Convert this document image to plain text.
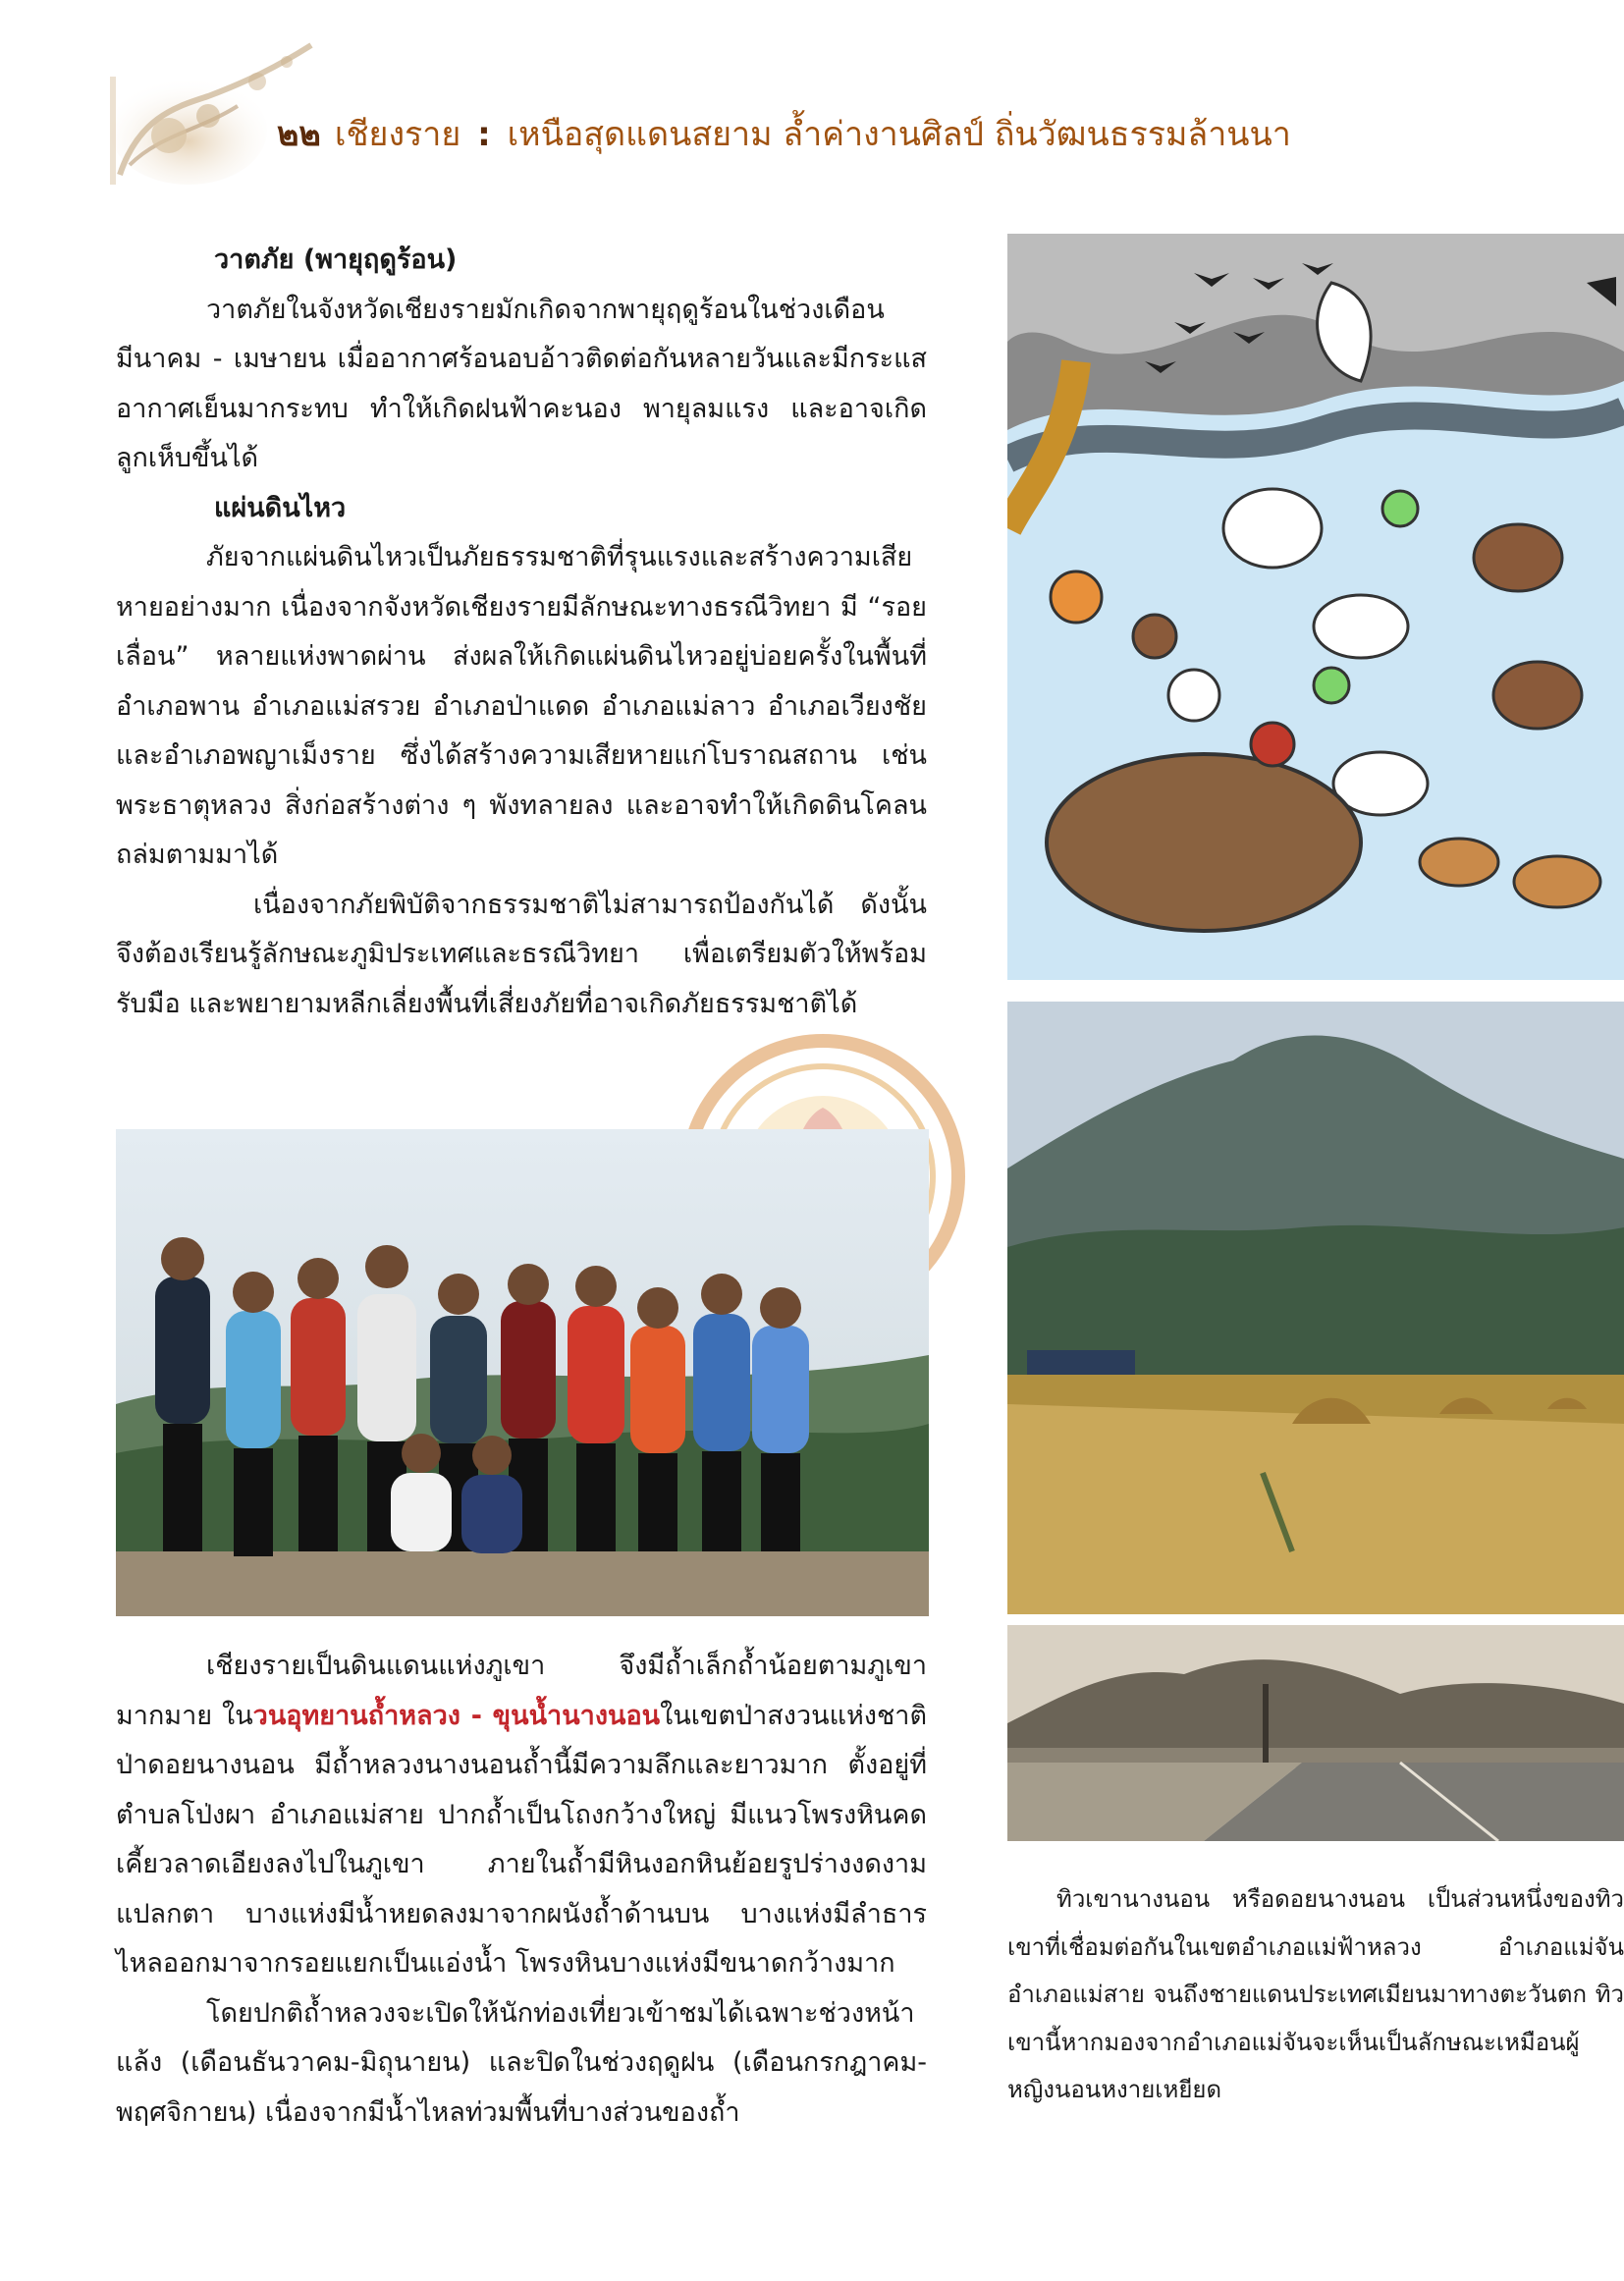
๒๒ เชียงราย : เหนือสุดแดนสยาม ล้ำค่างานศิลป์ ถิ่นวัฒนธรรมล้านนา

วาตภัย (พายุฤดูร้อน)

วาตภัยในจังหวัดเชียงรายมักเกิดจากพายุฤดูร้อนในช่วงเดือนมีนาคม - เมษายน เมื่ออากาศร้อนอบอ้าวติดต่อกันหลายวันและมีกระแสอากาศเย็นมากระทบ ทำให้เกิดฝนฟ้าคะนอง พายุลมแรง และอาจเกิดลูกเห็บขึ้นได้

แผ่นดินไหว

ภัยจากแผ่นดินไหวเป็นภัยธรรมชาติที่รุนแรงและสร้างความเสียหายอย่างมาก เนื่องจากจังหวัดเชียงรายมีลักษณะทางธรณีวิทยา มี “รอยเลื่อน” หลายแห่งพาดผ่าน ส่งผลให้เกิดแผ่นดินไหวอยู่บ่อยครั้งในพื้นที่อำเภอพาน อำเภอแม่สรวย อำเภอป่าแดด อำเภอแม่ลาว อำเภอเวียงชัย และอำเภอพญาเม็งราย ซึ่งได้สร้างความเสียหายแก่โบราณสถาน เช่น พระธาตุหลวง สิ่งก่อสร้างต่าง ๆ พังทลายลง และอาจทำให้เกิดดินโคลนถล่มตามมาได้

เนื่องจากภัยพิบัติจากธรรมชาติไม่สามารถป้องกันได้ ดังนั้นจึงต้องเรียนรู้ลักษณะภูมิประเทศและธรณีวิทยา เพื่อเตรียมตัวให้พร้อมรับมือ และพยายามหลีกเลี่ยงพื้นที่เสี่ยงภัยที่อาจเกิดภัยธรรมชาติได้

เชียงรายเป็นดินแดนแห่งภูเขา จึงมีถ้ำเล็กถ้ำน้อยตามภูเขามากมาย ในวนอุทยานถ้ำหลวง - ขุนน้ำนางนอนในเขตป่าสงวนแห่งชาติป่าดอยนางนอน มีถ้ำหลวงนางนอนถ้ำนี้มีความลึกและยาวมาก ตั้งอยู่ที่ตำบลโป่งผา อำเภอแม่สาย ปากถ้ำเป็นโถงกว้างใหญ่ มีแนวโพรงหินคดเคี้ยวลาดเอียงลงไปในภูเขา ภายในถ้ำมีหินงอกหินย้อยรูปร่างงดงาม แปลกตา บางแห่งมีน้ำหยดลงมาจากผนังถ้ำด้านบน บางแห่งมีลำธารไหลออกมาจากรอยแยกเป็นแอ่งน้ำ โพรงหินบางแห่งมีขนาดกว้างมาก

โดยปกติถ้ำหลวงจะเปิดให้นักท่องเที่ยวเข้าชมได้เฉพาะช่วงหน้าแล้ง (เดือนธันวาคม-มิถุนายน) และปิดในช่วงฤดูฝน (เดือนกรกฎาคม-พฤศจิกายน) เนื่องจากมีน้ำไหลท่วมพื้นที่บางส่วนของถ้ำ

ทิวเขานางนอน หรือดอยนางนอน เป็นส่วนหนึ่งของทิวเขาที่เชื่อมต่อกันในเขตอำเภอแม่ฟ้าหลวง อำเภอแม่จัน อำเภอแม่สาย จนถึงชายแดนประเทศเมียนมาทางตะวันตก ทิวเขานี้หากมองจากอำเภอแม่จันจะเห็นเป็นลักษณะเหมือนผู้หญิงนอนหงายเหยียด
